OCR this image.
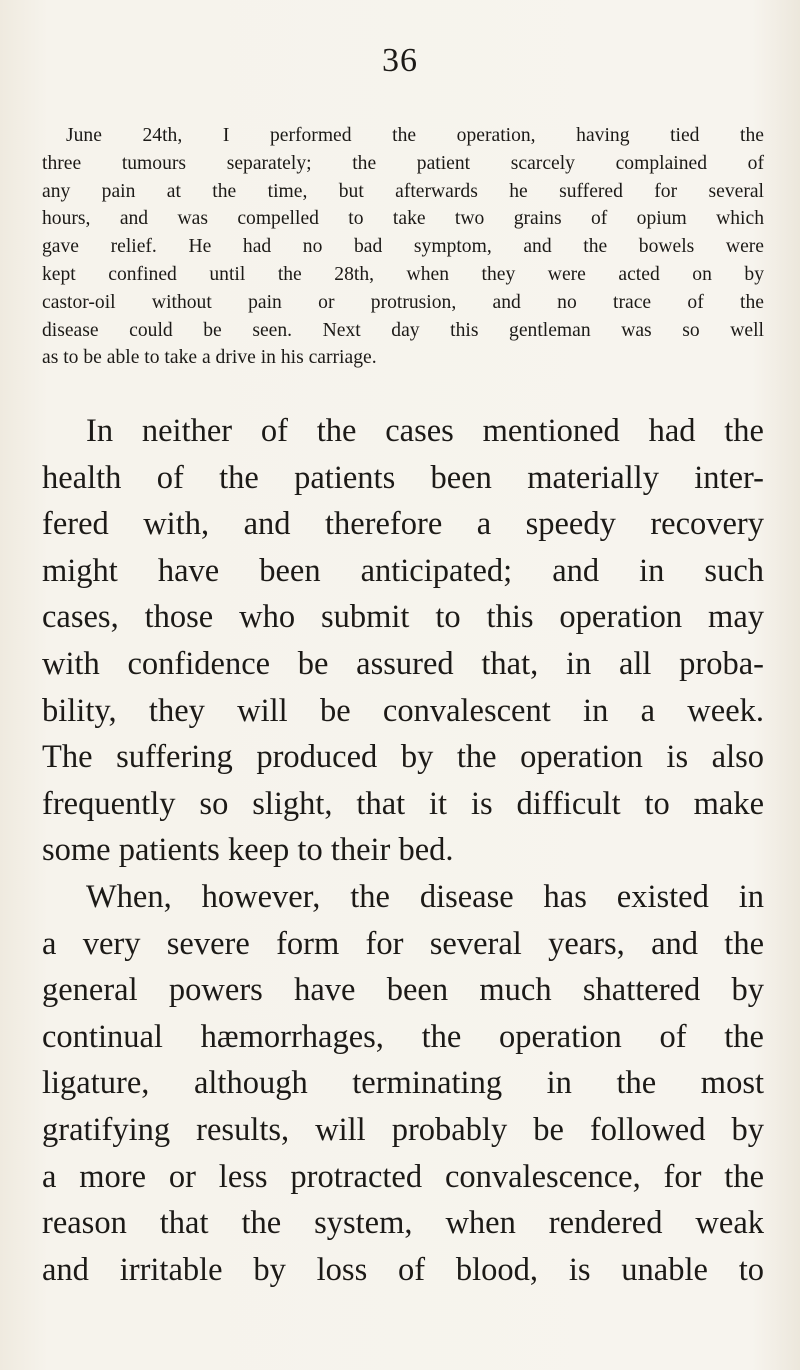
36
June 24th, I performed the operation, having tied the
three tumours separately; the patient scarcely complained of
any pain at the time, but afterwards he suffered for several
hours, and was compelled to take two grains of opium which
gave relief. He had no bad symptom, and the bowels were
kept confined until the 28th, when they were acted on by
castor-oil without pain or protrusion, and no trace of the
disease could be seen. Next day this gentleman was so well
as to be able to take a drive in his carriage.
In neither of the cases mentioned had the
health of the patients been materially inter-
fered with, and therefore a speedy recovery
might have been anticipated; and in such
cases, those who submit to this operation may
with confidence be assured that, in all proba-
bility, they will be convalescent in a week.
The suffering produced by the operation is also
frequently so slight, that it is difficult to make
some patients keep to their bed.
When, however, the disease has existed in
a very severe form for several years, and the
general powers have been much shattered by
continual hæmorrhages, the operation of the
ligature, although terminating in the most
gratifying results, will probably be followed by
a more or less protracted convalescence, for the
reason that the system, when rendered weak
and irritable by loss of blood, is unable to
